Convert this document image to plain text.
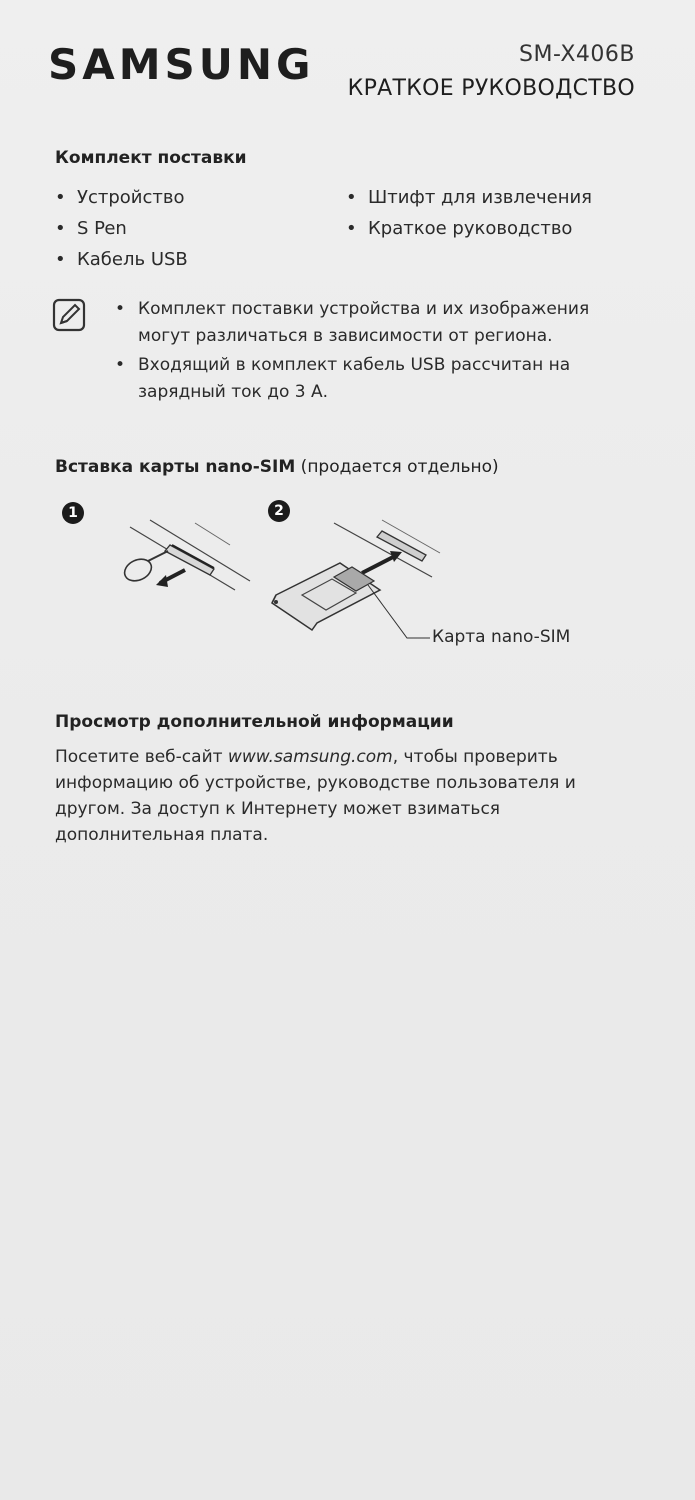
SAMSUNG	SM-X406B
КРАТКОЕ РУКОВОДСТВО
Комплект поставки
• Устройство
• S Pen
• Кабель USB
• Штифт для извлечения
• Краткое руководство
• Комплект поставки устройства и их изображения могут различаться в зависимости от региона.
• Входящий в комплект кабель USB рассчитан на зарядный ток до 3 А.
Вставка карты nano-SIM (продается отдельно)
1	2
Карта nano-SIM
Просмотр дополнительной информации
Посетите веб-сайт www.samsung.com, чтобы проверить информацию об устройстве, руководстве пользователя и другом. За доступ к Интернету может взиматься дополнительная плата.
